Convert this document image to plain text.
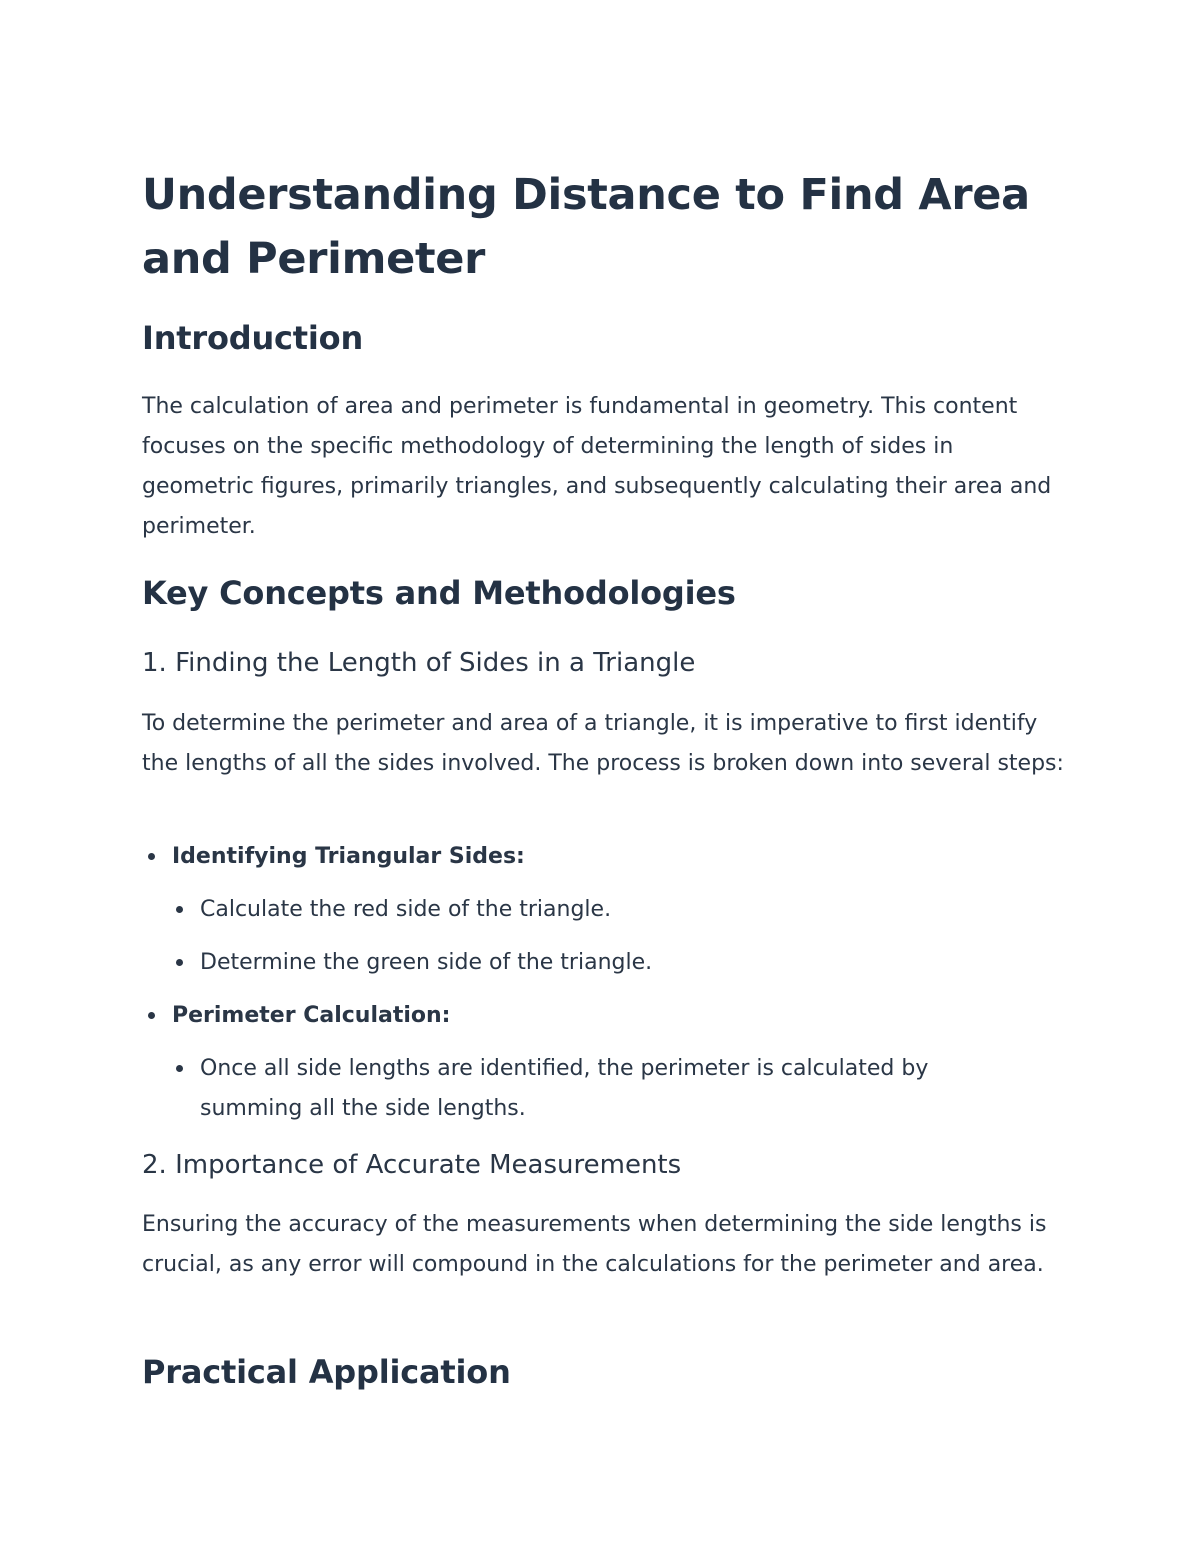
Understanding Distance to Find Area and Perimeter
Introduction

The calculation of area and perimeter is fundamental in geometry. This content focuses on the specific methodology of determining the length of sides in geometric figures, primarily triangles, and subsequently calculating their area and perimeter.

Key Concepts and Methodologies
1. Finding the Length of Sides in a Triangle

To determine the perimeter and area of a triangle, it is imperative to first identify the lengths of all the sides involved. The process is broken down into several steps:

Identifying Triangular Sides:
Calculate the red side of the triangle.
Determine the green side of the triangle.
Perimeter Calculation:
Once all side lengths are identified, the perimeter is calculated by summing all the side lengths.
2. Importance of Accurate Measurements

Ensuring the accuracy of the measurements when determining the side lengths is crucial, as any error will compound in the calculations for the perimeter and area.

Practical Application
